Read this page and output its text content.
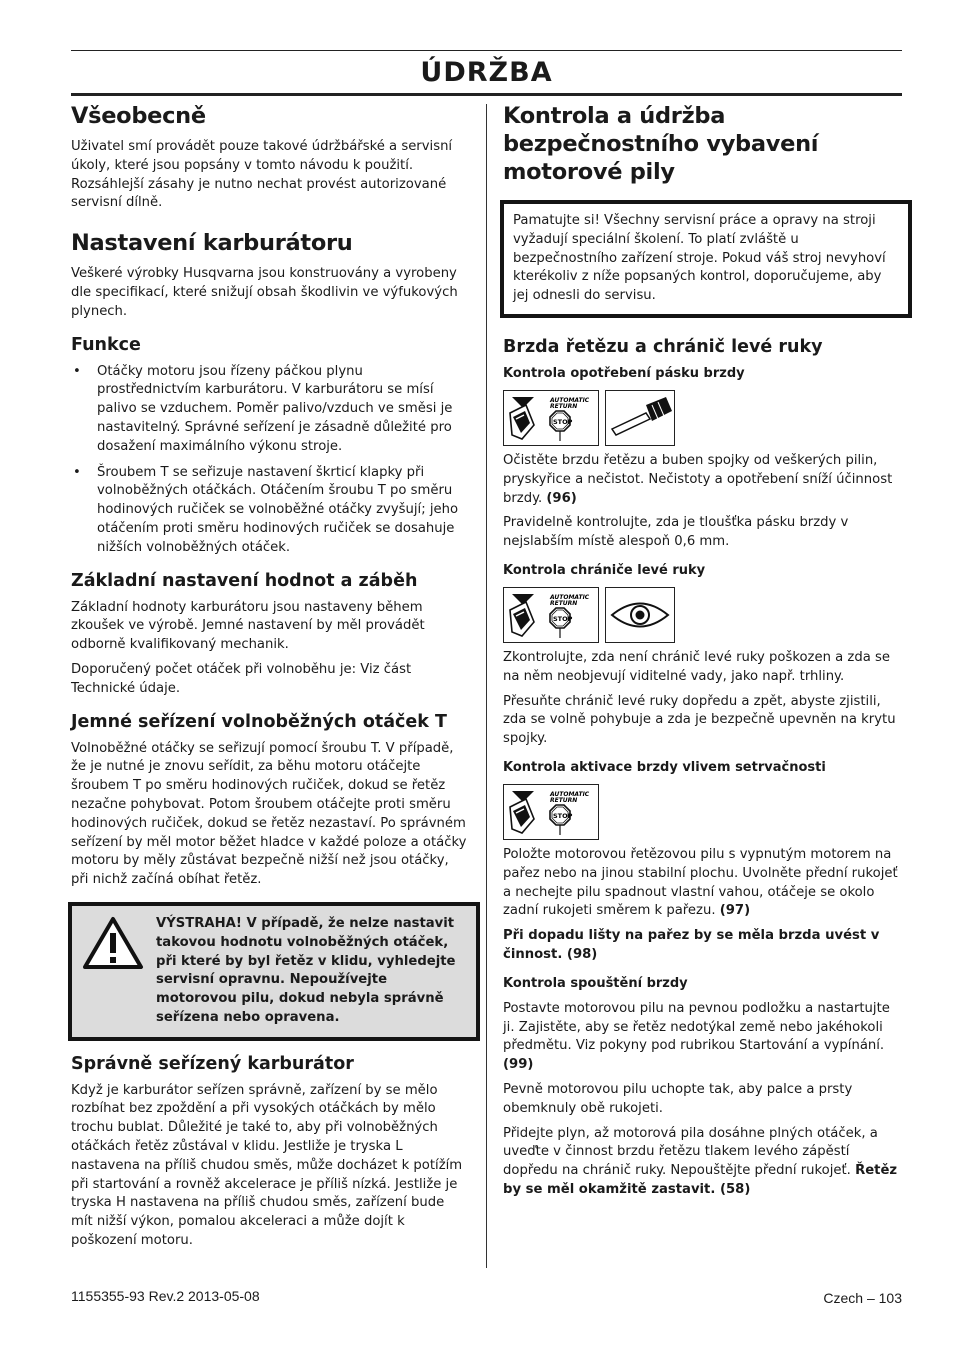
ÚDRŽBA
Všeobecně

Uživatel smí provádět pouze takové údržbářské a servisní úkoly, které jsou popsány v tomto návodu k použití. Rozsáhlejší zásahy je nutno nechat provést autorizované servisní dílně.

Nastavení karburátoru

Veškeré výrobky Husqvarna jsou konstruovány a vyrobeny dle specifikací, které snižují obsah škodlivin ve výfukových plynech.

Funkce
• Otáčky motoru jsou řízeny páčkou plynu prostřednictvím karburátoru. V karburátoru se mísí palivo se vzduchem. Poměr palivo/vzduch ve směsi je nastavitelný. Správné seřízení je zásadně důležité pro dosažení maximálního výkonu stroje.
• Šroubem T se seřizuje nastavení škrticí klapky při volnoběžných otáčkách. Otáčením šroubu T po směru hodinových ručiček se volnoběžné otáčky zvyšují; jeho otáčením proti směru hodinových ručiček se dosahuje nižších volnoběžných otáček.
Základní nastavení hodnot a záběh

Základní hodnoty karburátoru jsou nastaveny během zkoušek ve výrobě. Jemné nastavení by měl provádět odborně kvalifikovaný mechanik.

Doporučený počet otáček při volnoběhu je: Viz část Technické údaje.

Jemné seřízení volnoběžných otáček T

Volnoběžné otáčky se seřizují pomocí šroubu T. V případě, že je nutné je znovu seřídit, za běhu motoru otáčejte šroubem T po směru hodinových ručiček, dokud se řetěz nezačne pohybovat. Potom šroubem otáčejte proti směru hodinových ručiček, dokud se řetěz nezastaví. Po správném seřízení by měl motor běžet hladce v každé poloze a otáčky motoru by měly zůstávat bezpečně nižší než jsou otáčky, při nichž začíná obíhat řetěz.

VÝSTRAHA! V případě, že nelze nastavit takovou hodnotu volnoběžných otáček, při které by byl řetěz v klidu, vyhledejte servisní opravnu. Nepoužívejte motorovou pilu, dokud nebyla správně seřízena nebo opravena.
Správně seřízený karburátor

Když je karburátor seřízen správně, zařízení by se mělo rozbíhat bez zpoždění a při vysokých otáčkách by mělo trochu bublat. Důležité je také to, aby při volnoběžných otáčkách řetěz zůstával v klidu. Jestliže je tryska L nastavena na příliš chudou směs, může docházet k potížím při startování a rovněž akcelerace je příliš nízká. Jestliže je tryska H nastavena na příliš chudou směs, zařízení bude mít nižší výkon, pomalou akceleraci a může dojít k poškození motoru.

Kontrola a údržba bezpečnostního vybavení motorové pily

Pamatujte si! Všechny servisní práce a opravy na stroji vyžadují speciální školení. To platí zvláště u bezpečnostního zařízení stroje. Pokud váš stroj nevyhoví kterékoliv z níže popsaných kontrol, doporučujeme, aby jej odnesli do servisu.

Brzda řetězu a chránič levé ruky
Kontrola opotřebení pásku brzdy
AUTOMATIC
RETURN
STOP

Očistěte brzdu řetězu a buben spojky od veškerých pilin, pryskyřice a nečistot. Nečistoty a opotřebení sníží účinnost brzdy. (96)

Pravidelně kontrolujte, zda je tloušťka pásku brzdy v nejslabším místě alespoň 0,6 mm.

Kontrola chrániče levé ruky
AUTOMATIC
RETURN
STOP

Zkontrolujte, zda není chránič levé ruky poškozen a zda se na něm neobjevují viditelné vady, jako např. trhliny.

Přesuňte chránič levé ruky dopředu a zpět, abyste zjistili, zda se volně pohybuje a zda je bezpečně upevněn na krytu spojky.

Kontrola aktivace brzdy vlivem setrvačnosti
AUTOMATIC
RETURN
STOP

Položte motorovou řetězovou pilu s vypnutým motorem na pařez nebo na jinou stabilní plochu. Uvolněte přední rukojeť a nechejte pilu spadnout vlastní vahou, otáčeje se okolo zadní rukojeti směrem k pařezu. (97)

Při dopadu lišty na pařez by se měla brzda uvést v činnost. (98)

Kontrola spouštění brzdy

Postavte motorovou pilu na pevnou podložku a nastartujte ji. Zajistěte, aby se řetěz nedotýkal země nebo jakéhokoli předmětu. Viz pokyny pod rubrikou Startování a vypínání. (99)

Pevně motorovou pilu uchopte tak, aby palce a prsty obemknuly obě rukojeti.

Přidejte plyn, až motorová pila dosáhne plných otáček, a uveďte v činnost brzdu řetězu tlakem levého zápěstí dopředu na chránič ruky. Nepouštějte přední rukojeť. Řetěz by se měl okamžitě zastavit. (58)

1155355-93 Rev.2 2013-05-08	Czech – 103
